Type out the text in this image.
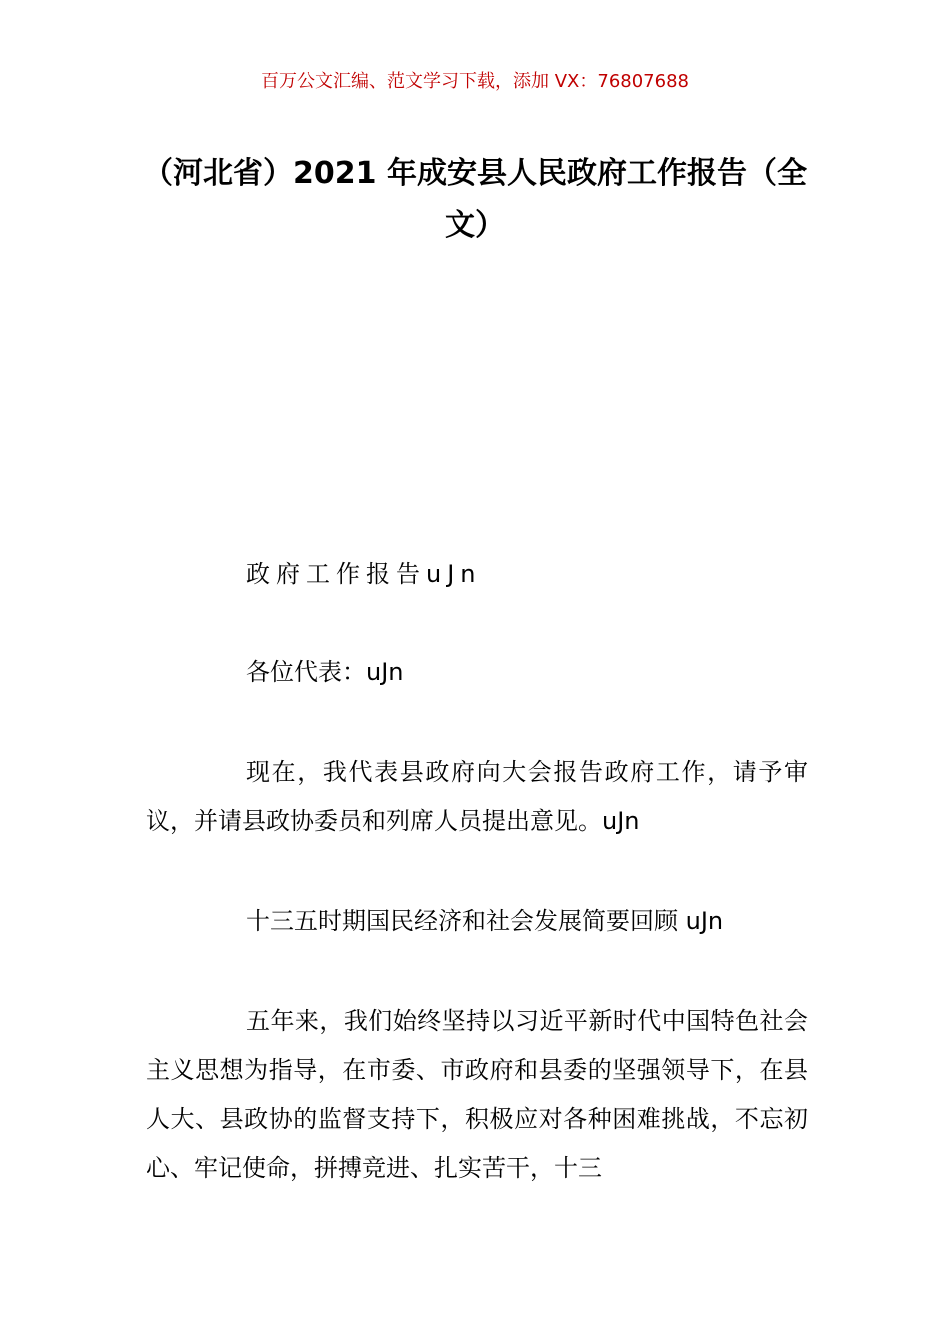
百万公文汇编、范文学习下载，添加 VX：76807688
（河北省）2021 年成安县人民政府工作报告（全文）

政府工作报告uJn

各位代表：uJn

现在，我代表县政府向大会报告政府工作，请予审议，并请县政协委员和列席人员提出意见。uJn

十三五时期国民经济和社会发展简要回顾 uJn

五年来，我们始终坚持以习近平新时代中国特色社会主义思想为指导，在市委、市政府和县委的坚强领导下，在县人大、县政协的监督支持下，积极应对各种困难挑战，不忘初心、牢记使命，拼搏竞进、扎实苦干，十三
